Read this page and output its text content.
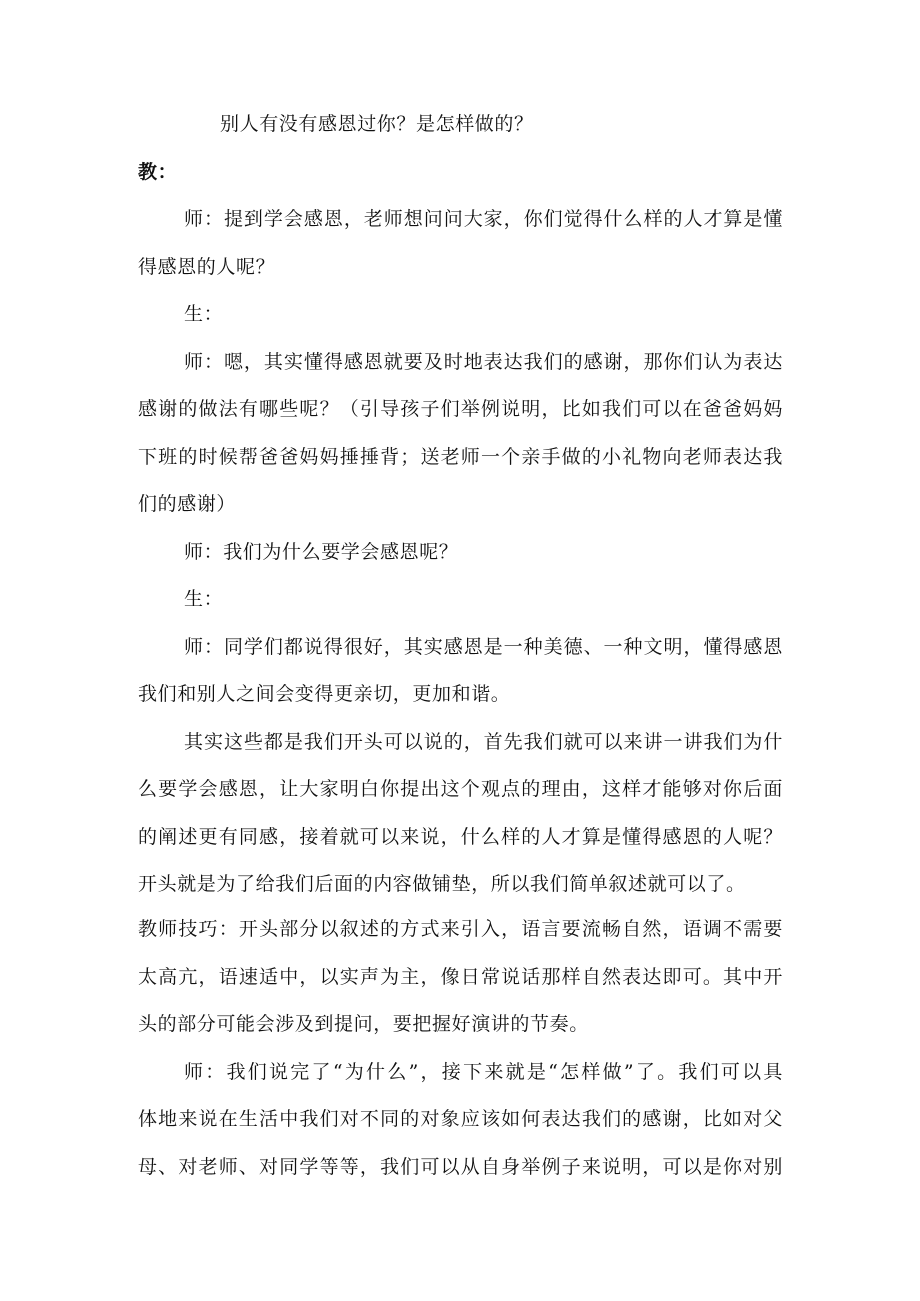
别人有没有感恩过你？是怎样做的？
教：
师：提到学会感恩，老师想问问大家，你们觉得什么样的人才算是懂
得感恩的人呢？
生：
师：嗯，其实懂得感恩就要及时地表达我们的感谢，那你们认为表达
感谢的做法有哪些呢？（引导孩子们举例说明，比如我们可以在爸爸妈妈
下班的时候帮爸爸妈妈捶捶背；送老师一个亲手做的小礼物向老师表达我
们的感谢）
师：我们为什么要学会感恩呢？
生：
师：同学们都说得很好，其实感恩是一种美德、一种文明，懂得感恩
我们和别人之间会变得更亲切，更加和谐。
其实这些都是我们开头可以说的，首先我们就可以来讲一讲我们为什
么要学会感恩，让大家明白你提出这个观点的理由，这样才能够对你后面
的阐述更有同感，接着就可以来说，什么样的人才算是懂得感恩的人呢？
开头就是为了给我们后面的内容做铺垫，所以我们简单叙述就可以了。
教师技巧：开头部分以叙述的方式来引入，语言要流畅自然，语调不需要
太高亢，语速适中，以实声为主，像日常说话那样自然表达即可。其中开
头的部分可能会涉及到提问，要把握好演讲的节奏。
师：我们说完了“为什么”，接下来就是“怎样做”了。我们可以具
体地来说在生活中我们对不同的对象应该如何表达我们的感谢，比如对父
母、对老师、对同学等等，我们可以从自身举例子来说明，可以是你对别
